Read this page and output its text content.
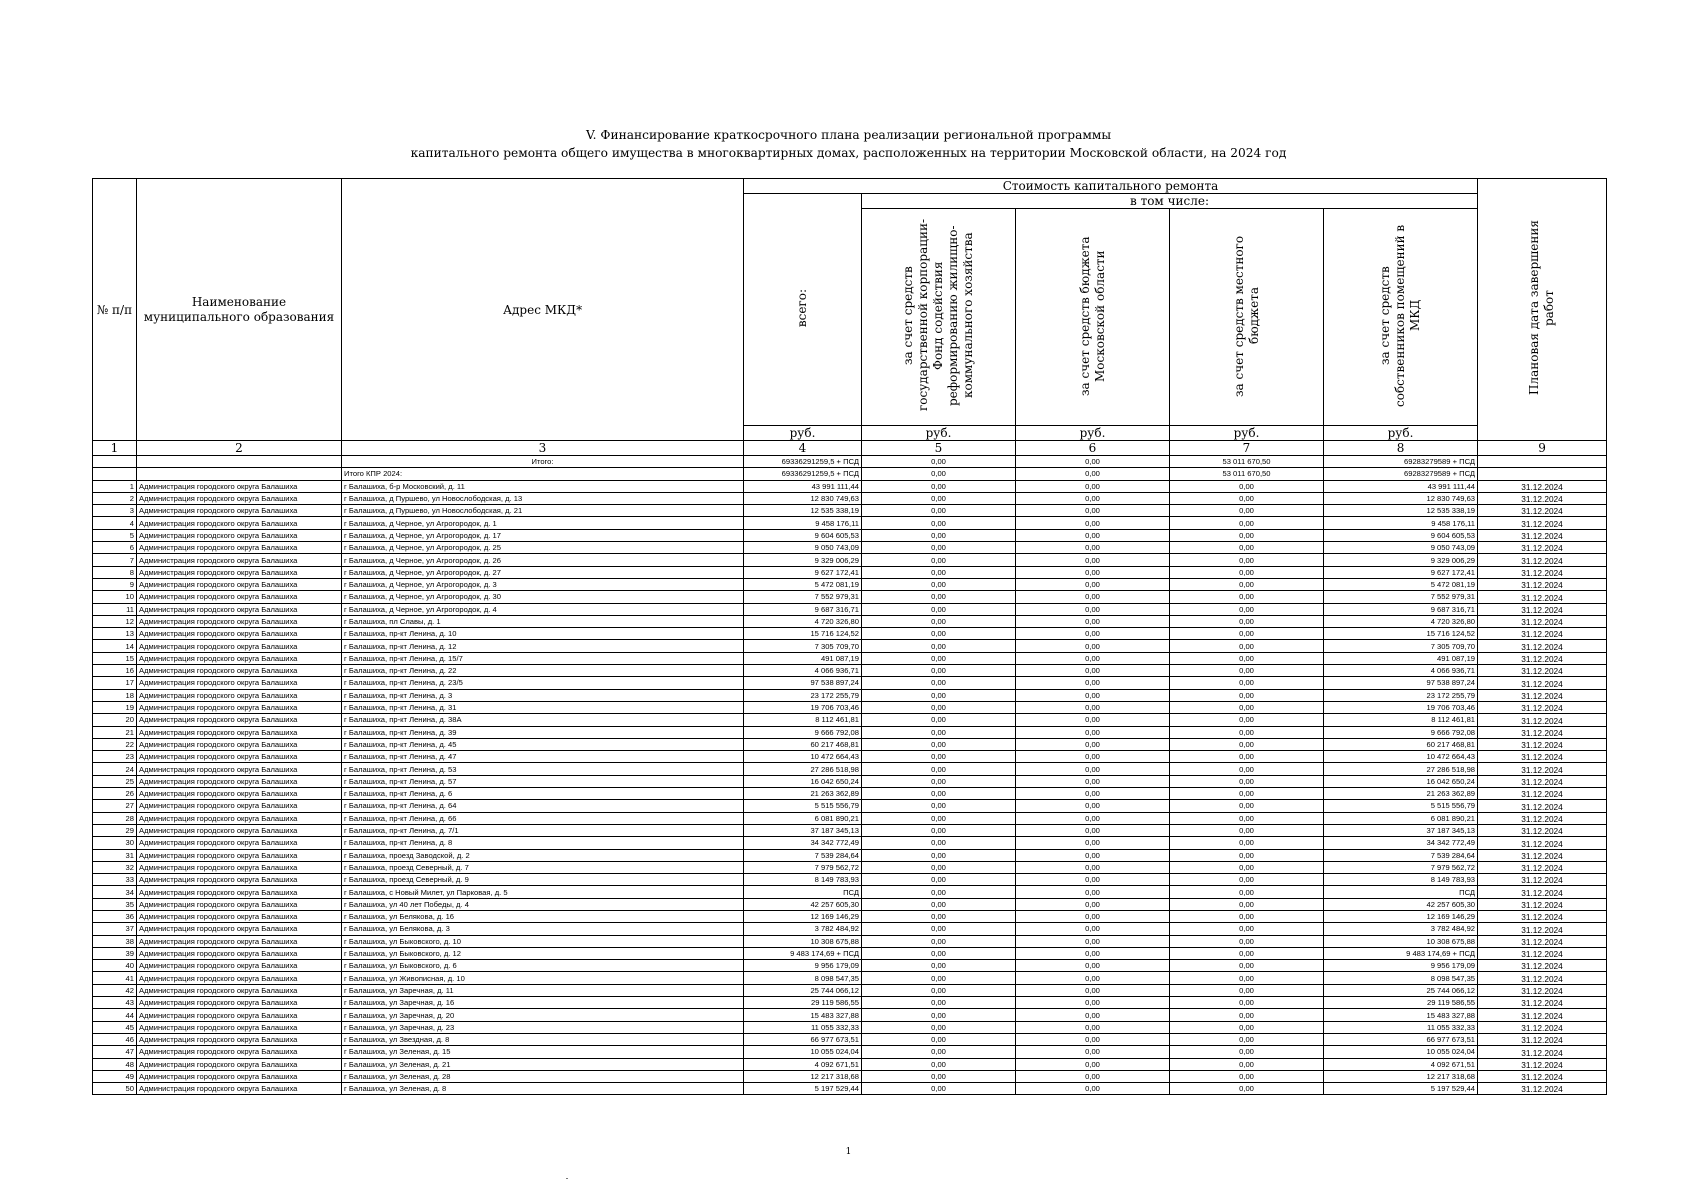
V. Финансирование краткосрочного плана реализации региональной программы
капитального ремонта общего имущества в многоквартирных домах, расположенных на территории Московской области, на 2024 год
№ п/п	Наименование муниципального образования	Адрес МКД*	Стоимость капитального ремонта					Плановая дата завершения работ
			всего:	в том числе:				
				за счет средств государственной корпорации-Фонд содействия реформированию жилищно-коммунального хозяйства	за счет средств бюджета Московской области	за счет средств местного бюджета	за счет средств собственников помещений в МКД	
			руб.	руб.	руб.	руб.	руб.	
1	2	3	4	5	6	7	8	9
		Итого:	69336291259,5 + ПСД	0,00	0,00	53 011 670,50	69283279589 + ПСД	
		Итого КПР 2024:	69336291259,5 + ПСД	0,00	0,00	53 011 670,50	69283279589 + ПСД	
1	Администрация городского округа Балашиха	г Балашиха, б-р Московский, д. 11	43 991 111,44	0,00	0,00	0,00	43 991 111,44	31.12.2024
2	Администрация городского округа Балашиха	г Балашиха, д Пуршево, ул Новослободская, д. 13	12 830 749,63	0,00	0,00	0,00	12 830 749,63	31.12.2024
3	Администрация городского округа Балашиха	г Балашиха, д Пуршево, ул Новослободская, д. 21	12 535 338,19	0,00	0,00	0,00	12 535 338,19	31.12.2024
4	Администрация городского округа Балашиха	г Балашиха, д Черное, ул Агрогородок, д. 1	9 458 176,11	0,00	0,00	0,00	9 458 176,11	31.12.2024
5	Администрация городского округа Балашиха	г Балашиха, д Черное, ул Агрогородок, д. 17	9 604 605,53	0,00	0,00	0,00	9 604 605,53	31.12.2024
6	Администрация городского округа Балашиха	г Балашиха, д Черное, ул Агрогородок, д. 25	9 050 743,09	0,00	0,00	0,00	9 050 743,09	31.12.2024
7	Администрация городского округа Балашиха	г Балашиха, д Черное, ул Агрогородок, д. 26	9 329 006,29	0,00	0,00	0,00	9 329 006,29	31.12.2024
8	Администрация городского округа Балашиха	г Балашиха, д Черное, ул Агрогородок, д. 27	9 627 172,41	0,00	0,00	0,00	9 627 172,41	31.12.2024
9	Администрация городского округа Балашиха	г Балашиха, д Черное, ул Агрогородок, д. 3	5 472 081,19	0,00	0,00	0,00	5 472 081,19	31.12.2024
10	Администрация городского округа Балашиха	г Балашиха, д Черное, ул Агрогородок, д. 30	7 552 979,31	0,00	0,00	0,00	7 552 979,31	31.12.2024
11	Администрация городского округа Балашиха	г Балашиха, д Черное, ул Агрогородок, д. 4	9 687 316,71	0,00	0,00	0,00	9 687 316,71	31.12.2024
12	Администрация городского округа Балашиха	г Балашиха, пл Славы, д. 1	4 720 326,80	0,00	0,00	0,00	4 720 326,80	31.12.2024
13	Администрация городского округа Балашиха	г Балашиха, пр-кт Ленина, д. 10	15 716 124,52	0,00	0,00	0,00	15 716 124,52	31.12.2024
14	Администрация городского округа Балашиха	г Балашиха, пр-кт Ленина, д. 12	7 305 709,70	0,00	0,00	0,00	7 305 709,70	31.12.2024
15	Администрация городского округа Балашиха	г Балашиха, пр-кт Ленина, д. 15/7	491 087,19	0,00	0,00	0,00	491 087,19	31.12.2024
16	Администрация городского округа Балашиха	г Балашиха, пр-кт Ленина, д. 22	4 066 936,71	0,00	0,00	0,00	4 066 936,71	31.12.2024
17	Администрация городского округа Балашиха	г Балашиха, пр-кт Ленина, д. 23/5	97 538 897,24	0,00	0,00	0,00	97 538 897,24	31.12.2024
18	Администрация городского округа Балашиха	г Балашиха, пр-кт Ленина, д. 3	23 172 255,79	0,00	0,00	0,00	23 172 255,79	31.12.2024
19	Администрация городского округа Балашиха	г Балашиха, пр-кт Ленина, д. 31	19 706 703,46	0,00	0,00	0,00	19 706 703,46	31.12.2024
20	Администрация городского округа Балашиха	г Балашиха, пр-кт Ленина, д. 38А	8 112 461,81	0,00	0,00	0,00	8 112 461,81	31.12.2024
21	Администрация городского округа Балашиха	г Балашиха, пр-кт Ленина, д. 39	9 666 792,08	0,00	0,00	0,00	9 666 792,08	31.12.2024
22	Администрация городского округа Балашиха	г Балашиха, пр-кт Ленина, д. 45	60 217 468,81	0,00	0,00	0,00	60 217 468,81	31.12.2024
23	Администрация городского округа Балашиха	г Балашиха, пр-кт Ленина, д. 47	10 472 664,43	0,00	0,00	0,00	10 472 664,43	31.12.2024
24	Администрация городского округа Балашиха	г Балашиха, пр-кт Ленина, д. 53	27 286 518,98	0,00	0,00	0,00	27 286 518,98	31.12.2024
25	Администрация городского округа Балашиха	г Балашиха, пр-кт Ленина, д. 57	16 042 650,24	0,00	0,00	0,00	16 042 650,24	31.12.2024
26	Администрация городского округа Балашиха	г Балашиха, пр-кт Ленина, д. 6	21 263 362,89	0,00	0,00	0,00	21 263 362,89	31.12.2024
27	Администрация городского округа Балашиха	г Балашиха, пр-кт Ленина, д. 64	5 515 556,79	0,00	0,00	0,00	5 515 556,79	31.12.2024
28	Администрация городского округа Балашиха	г Балашиха, пр-кт Ленина, д. 66	6 081 890,21	0,00	0,00	0,00	6 081 890,21	31.12.2024
29	Администрация городского округа Балашиха	г Балашиха, пр-кт Ленина, д. 7/1	37 187 345,13	0,00	0,00	0,00	37 187 345,13	31.12.2024
30	Администрация городского округа Балашиха	г Балашиха, пр-кт Ленина, д. 8	34 342 772,49	0,00	0,00	0,00	34 342 772,49	31.12.2024
31	Администрация городского округа Балашиха	г Балашиха, проезд Заводской, д. 2	7 539 284,64	0,00	0,00	0,00	7 539 284,64	31.12.2024
32	Администрация городского округа Балашиха	г Балашиха, проезд Северный, д. 7	7 979 562,72	0,00	0,00	0,00	7 979 562,72	31.12.2024
33	Администрация городского округа Балашиха	г Балашиха, проезд Северный, д. 9	8 149 783,93	0,00	0,00	0,00	8 149 783,93	31.12.2024
34	Администрация городского округа Балашиха	г Балашиха, с Новый Милет, ул Парковая, д. 5	ПСД	0,00	0,00	0,00	ПСД	31.12.2024
35	Администрация городского округа Балашиха	г Балашиха, ул 40 лет Победы, д. 4	42 257 605,30	0,00	0,00	0,00	42 257 605,30	31.12.2024
36	Администрация городского округа Балашиха	г Балашиха, ул Белякова, д. 16	12 169 146,29	0,00	0,00	0,00	12 169 146,29	31.12.2024
37	Администрация городского округа Балашиха	г Балашиха, ул Белякова, д. 3	3 782 484,92	0,00	0,00	0,00	3 782 484,92	31.12.2024
38	Администрация городского округа Балашиха	г Балашиха, ул Быковского, д. 10	10 308 675,88	0,00	0,00	0,00	10 308 675,88	31.12.2024
39	Администрация городского округа Балашиха	г Балашиха, ул Быковского, д. 12	9 483 174,69 + ПСД	0,00	0,00	0,00	9 483 174,69 + ПСД	31.12.2024
40	Администрация городского округа Балашиха	г Балашиха, ул Быковского, д. 6	9 956 179,09	0,00	0,00	0,00	9 956 179,09	31.12.2024
41	Администрация городского округа Балашиха	г Балашиха, ул Живописная, д. 10	8 098 547,35	0,00	0,00	0,00	8 098 547,35	31.12.2024
42	Администрация городского округа Балашиха	г Балашиха, ул Заречная, д. 11	25 744 066,12	0,00	0,00	0,00	25 744 066,12	31.12.2024
43	Администрация городского округа Балашиха	г Балашиха, ул Заречная, д. 16	29 119 586,55	0,00	0,00	0,00	29 119 586,55	31.12.2024
44	Администрация городского округа Балашиха	г Балашиха, ул Заречная, д. 20	15 483 327,88	0,00	0,00	0,00	15 483 327,88	31.12.2024
45	Администрация городского округа Балашиха	г Балашиха, ул Заречная, д. 23	11 055 332,33	0,00	0,00	0,00	11 055 332,33	31.12.2024
46	Администрация городского округа Балашиха	г Балашиха, ул Звездная, д. 8	66 977 673,51	0,00	0,00	0,00	66 977 673,51	31.12.2024
47	Администрация городского округа Балашиха	г Балашиха, ул Зеленая, д. 15	10 055 024,04	0,00	0,00	0,00	10 055 024,04	31.12.2024
48	Администрация городского округа Балашиха	г Балашиха, ул Зеленая, д. 21	4 092 671,51	0,00	0,00	0,00	4 092 671,51	31.12.2024
49	Администрация городского округа Балашиха	г Балашиха, ул Зеленая, д. 28	12 217 318,68	0,00	0,00	0,00	12 217 318,68	31.12.2024
50	Администрация городского округа Балашиха	г Балашиха, ул Зеленая, д. 8	5 197 529,44	0,00	0,00	0,00	5 197 529,44	31.12.2024
1
